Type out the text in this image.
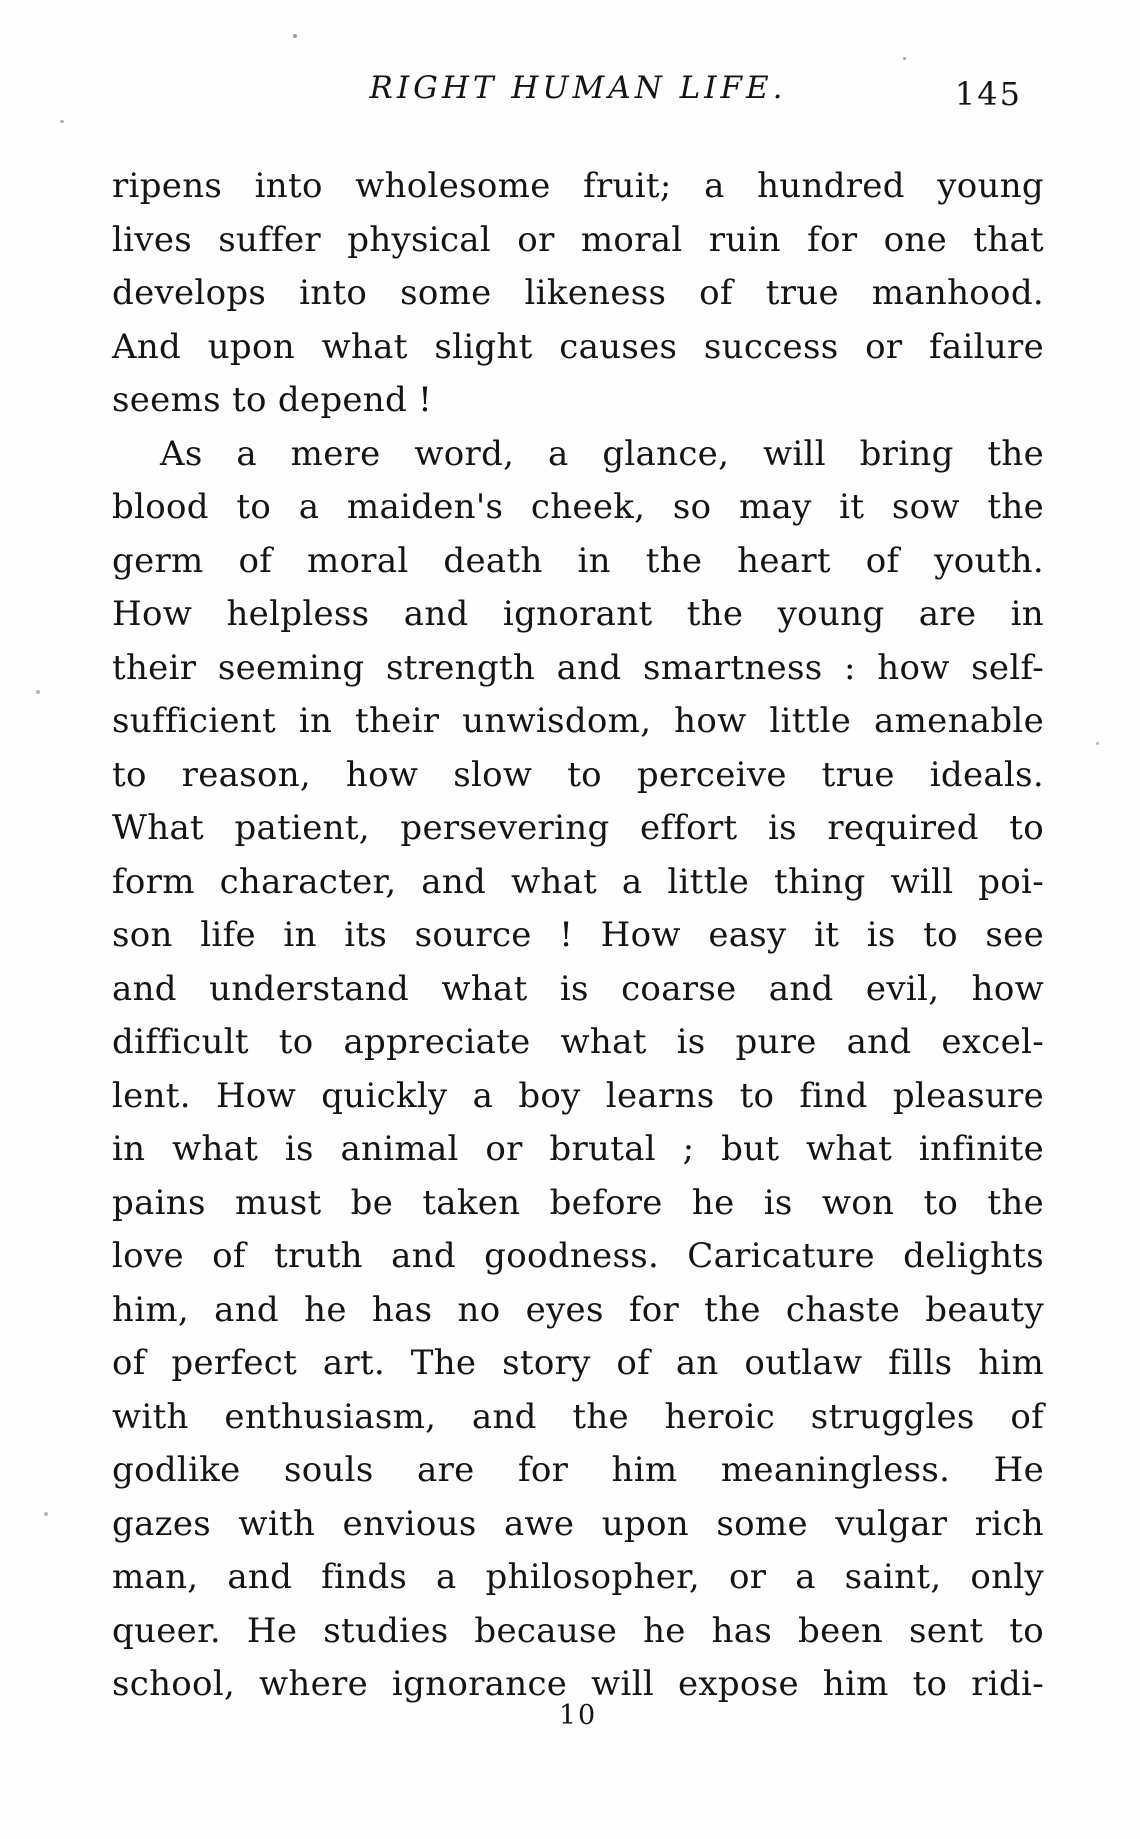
RIGHT HUMAN LIFE.	145
ripens into wholesome fruit; a hundred young
lives suffer physical or moral ruin for one that
develops into some likeness of true manhood.
And upon what slight causes success or failure
seems to depend !
As a mere word, a glance, will bring the
blood to a maiden's cheek, so may it sow the
germ of moral death in the heart of youth.
How helpless and ignorant the young are in
their seeming strength and smartness : how self-
sufficient in their unwisdom, how little amenable
to reason, how slow to perceive true ideals.
What patient, persevering effort is required to
form character, and what a little thing will poi-
son life in its source ! How easy it is to see
and understand what is coarse and evil, how
difficult to appreciate what is pure and excel-
lent. How quickly a boy learns to find pleasure
in what is animal or brutal ; but what infinite
pains must be taken before he is won to the
love of truth and goodness. Caricature delights
him, and he has no eyes for the chaste beauty
of perfect art. The story of an outlaw fills him
with enthusiasm, and the heroic struggles of
godlike souls are for him meaningless. He
gazes with envious awe upon some vulgar rich
man, and finds a philosopher, or a saint, only
queer. He studies because he has been sent to
school, where ignorance will expose him to ridi-
10
